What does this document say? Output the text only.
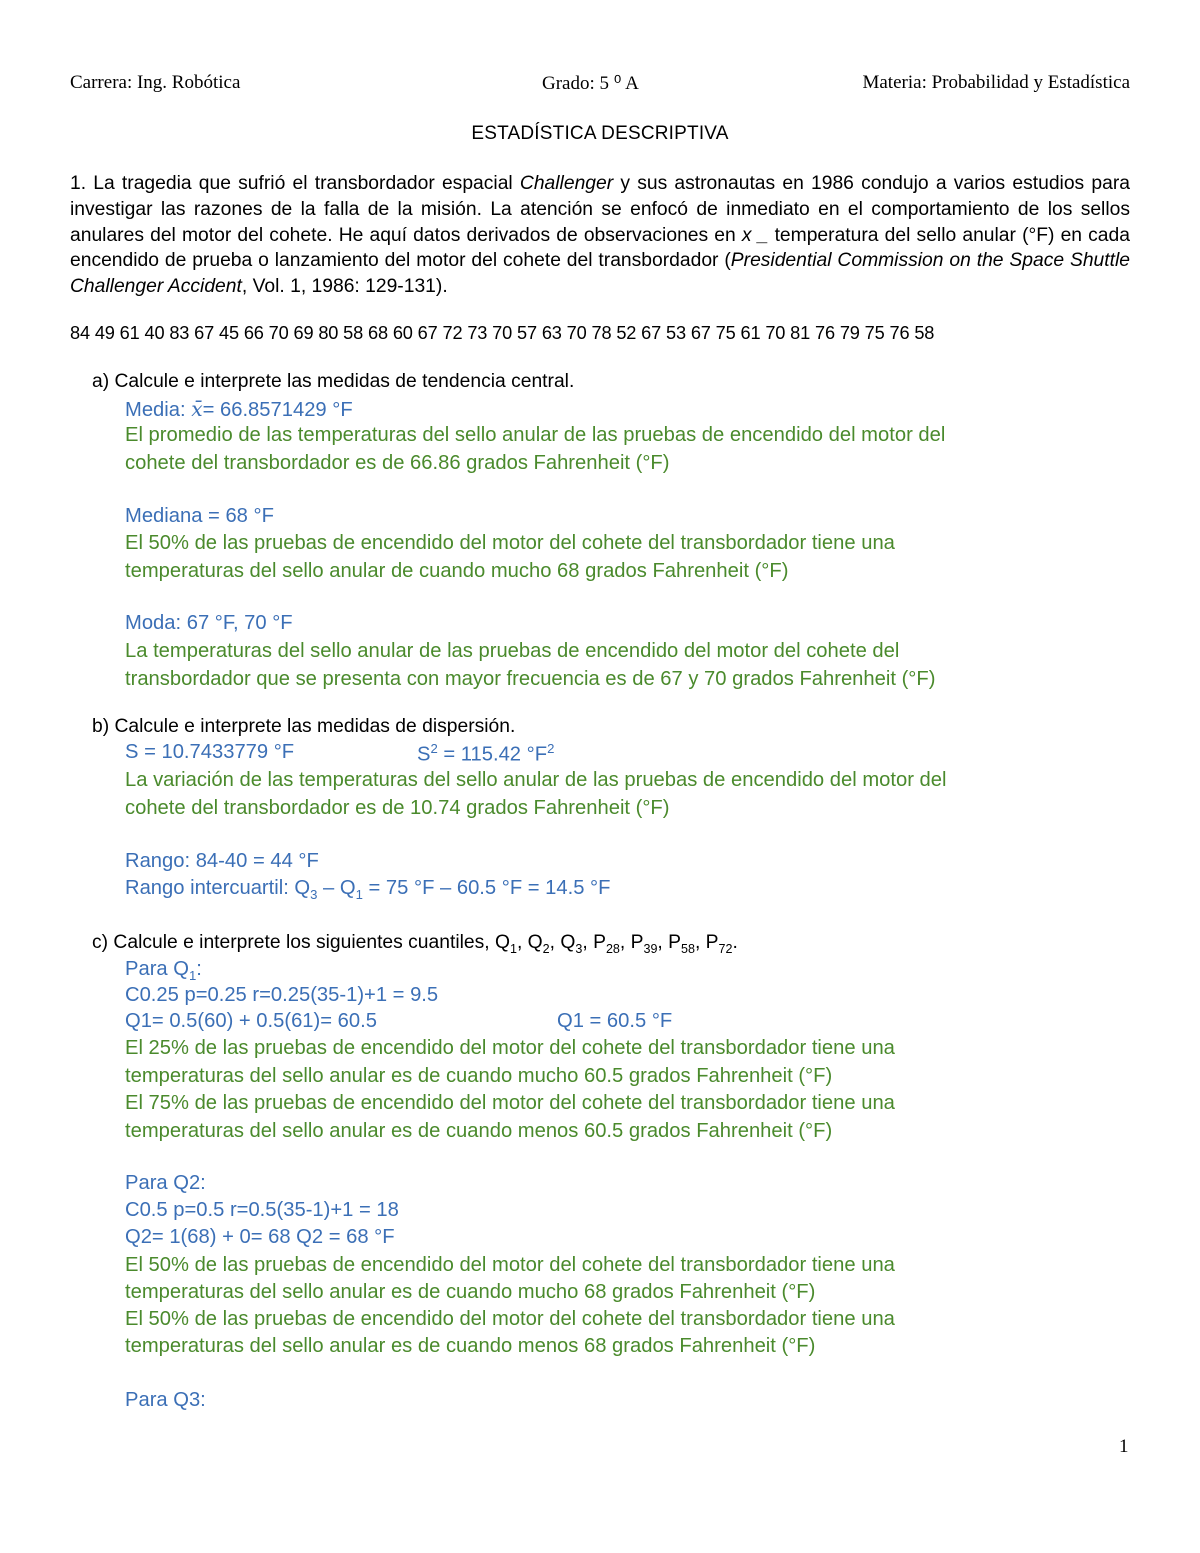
Carrera: Ing. Robótica	Grado: 5 ⁰ A	Materia: Probabilidad y Estadística
ESTADÍSTICA DESCRIPTIVA
1. La tragedia que sufrió el transbordador espacial Challenger y sus astronautas en 1986 condujo a varios estudios para investigar las razones de la falla de la misión. La atención se enfocó de inmediato en el comportamiento de los sellos anulares del motor del cohete. He aquí datos derivados de observaciones en x _ temperatura del sello anular (°F) en cada encendido de prueba o lanzamiento del motor del cohete del transbordador (Presidential Commission on the Space Shuttle Challenger Accident, Vol. 1, 1986: 129-131).
84 49 61 40 83 67 45 66 70 69 80 58 68 60 67 72 73 70 57 63 70 78 52 67 53 67 75 61 70 81 76 79 75 76 58
a) Calcule e interprete las medidas de tendencia central.
Media: x̄= 66.8571429 °F
El promedio de las temperaturas del sello anular de las pruebas de encendido del motor del
cohete del transbordador es de 66.86 grados Fahrenheit (°F)
Mediana = 68 °F
El 50% de las pruebas de encendido del motor del cohete del transbordador tiene una
temperaturas del sello anular de cuando mucho 68 grados Fahrenheit (°F)
Moda: 67 °F, 70 °F
La temperaturas del sello anular de las pruebas de encendido del motor del cohete del
transbordador que se presenta con mayor frecuencia es de 67 y 70 grados Fahrenheit (°F)
b) Calcule e interprete las medidas de dispersión.
S = 10.7433779 °F	$S^2 = 115.42$ $^\circ F^2$
La variación de las temperaturas del sello anular de las pruebas de encendido del motor del
cohete del transbordador es de 10.74 grados Fahrenheit (°F)
Rango: 84-40 = 44 °F
Rango intercuartil: $Q_3 - Q_1 = 75$ °F – 60.5 °F = 14.5 °F
c) Calcule e interprete los siguientes cuantiles, $Q_1$, $Q_2$, $Q_3$, $P_{28}$, $P_{39}$, $P_{58}$, $P_{72}$.
Para $Q_1$:
C0.25 p=0.25 r=0.25(35-1)+1 = 9.5
Q1= 0.5(60) + 0.5(61)= 60.5	Q1 = 60.5 °F
El 25% de las pruebas de encendido del motor del cohete del transbordador tiene una
temperaturas del sello anular es de cuando mucho 60.5 grados Fahrenheit (°F)
El 75% de las pruebas de encendido del motor del cohete del transbordador tiene una
temperaturas del sello anular es de cuando menos 60.5 grados Fahrenheit (°F)
Para Q2:
C0.5 p=0.5 r=0.5(35-1)+1 = 18
Q2= 1(68) + 0= 68 Q2 = 68 °F
El 50% de las pruebas de encendido del motor del cohete del transbordador tiene una
temperaturas del sello anular es de cuando mucho 68 grados Fahrenheit (°F)
El 50% de las pruebas de encendido del motor del cohete del transbordador tiene una
temperaturas del sello anular es de cuando menos 68 grados Fahrenheit (°F)
Para Q3:
1
